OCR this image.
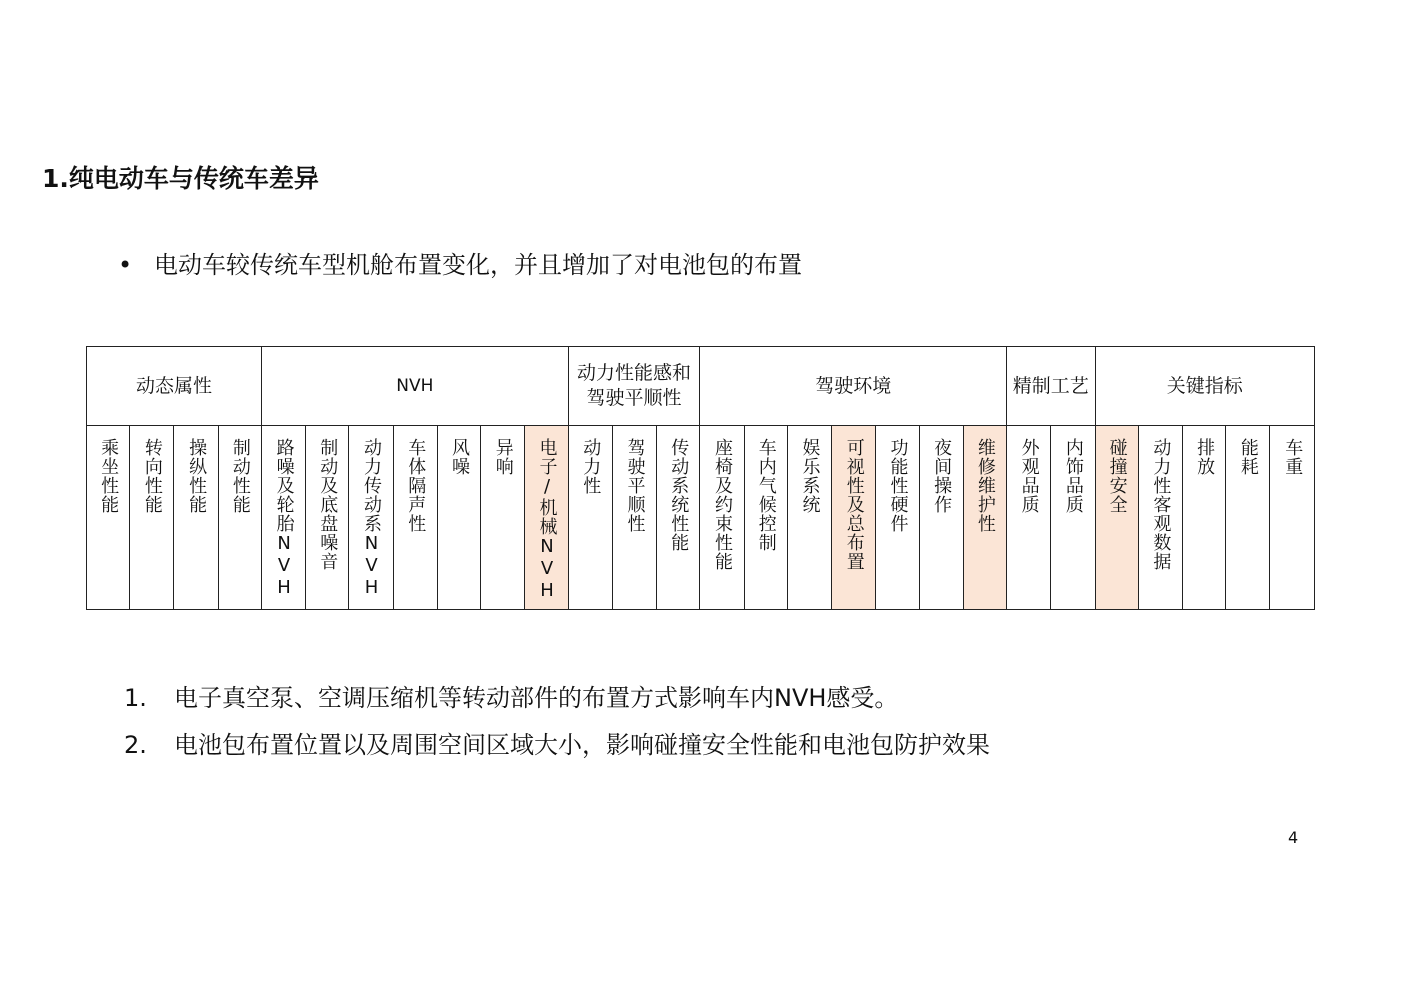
1.纯电动车与传统车差异
• 电动车较传统车型机舱布置变化，并且增加了对电池包的布置
动态属性				NVH							动力性能感和驾驶平顺性			驾驶环境							精制工艺		关键指标				
乘坐性能	转向性能	操纵性能	制动性能	路噪及轮胎NVH	制动及底盘噪音	动力传动系NVH	车体隔声性	风噪	异响	电子/机械NVH	动力性	驾驶平顺性	传动系统性能	座椅及约束性能	车内气候控制	娱乐系统	可视性及总布置	功能性硬件	夜间操作	维修维护性	外观品质	内饰品质	碰撞安全	动力性客观数据	排放	能耗	车重
1. 电子真空泵、空调压缩机等转动部件的布置方式影响车内NVH感受。
2. 电池包布置位置以及周围空间区域大小，影响碰撞安全性能和电池包防护效果
4
